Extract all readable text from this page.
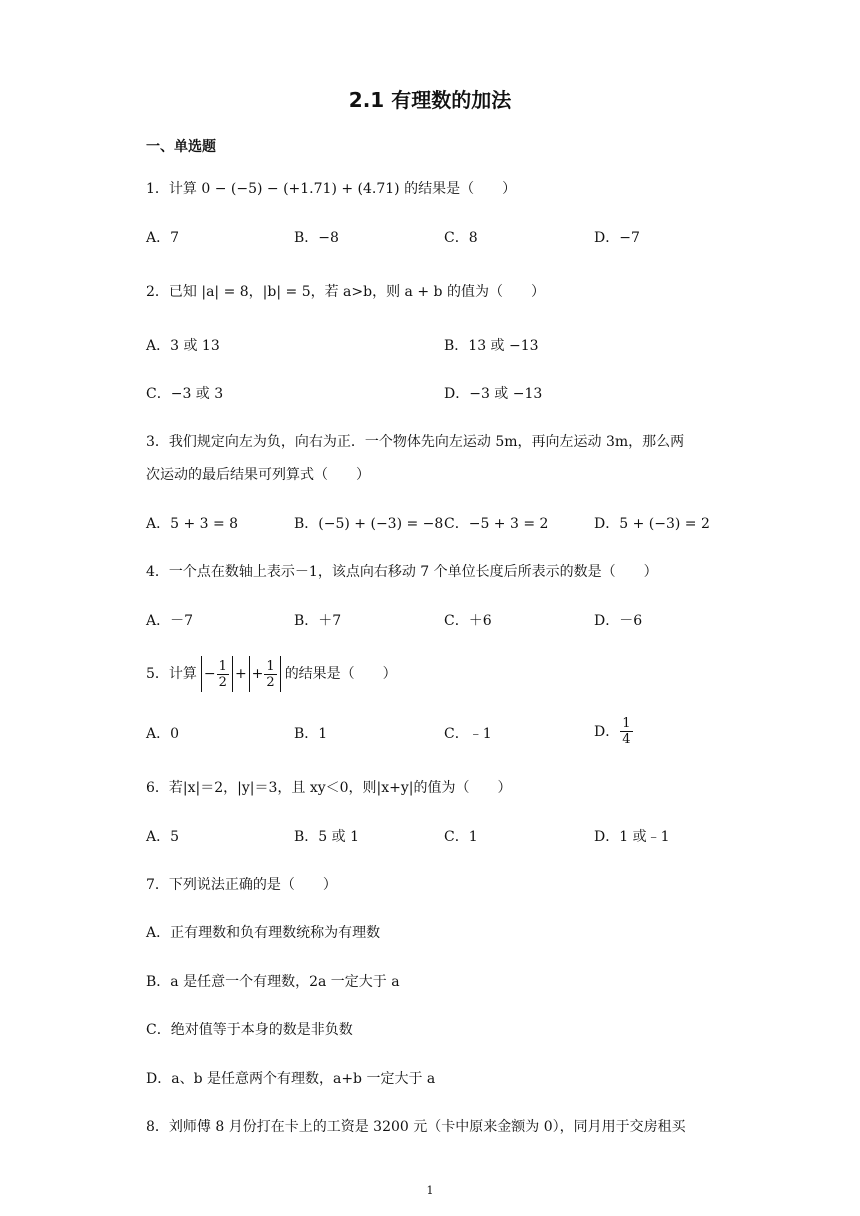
2.1 有理数的加法
一、单选题
1．计算 0 − (−5) − (+1.71) + (4.71) 的结果是（　　）
A．7	B．−8	C．8	D．−7
2．已知 |a| = 8，|b| = 5，若 a>b，则 a + b 的值为（　　）
A．3 或 13	B．13 或 −13
C．−3 或 3	D．−3 或 −13
3．我们规定向左为负，向右为正．一个物体先向左运动 5m，再向左运动 3m，那么两
次运动的最后结果可列算式（　　）
A．5 + 3 = 8	B．(−5) + (−3) = −8 C．−5 + 3 = 2	D．5 + (−3) = 2
4．一个点在数轴上表示－1，该点向右移动 7 个单位长度后所表示的数是（　　）
A．－7	B．＋7	C．＋6	D．－6
5．计算 − $\frac{1}{2}$ + + $\frac{1}{2}$ 的结果是（　　）
A．0	B．1	C．﹣1	D． $\frac{1}{4}$
6．若|x|＝2，|y|＝3，且 xy＜0，则|x+y|的值为（　　）
A．5	B．5 或 1	C．1	D．1 或﹣1
7．下列说法正确的是（　　）
A．正有理数和负有理数统称为有理数
B．a 是任意一个有理数，2a 一定大于 a
C．绝对值等于本身的数是非负数
D．a、b 是任意两个有理数，a+b 一定大于 a
8．刘师傅 8 月份打在卡上的工资是 3200 元（卡中原来金额为 0），同月用于交房租买
1
